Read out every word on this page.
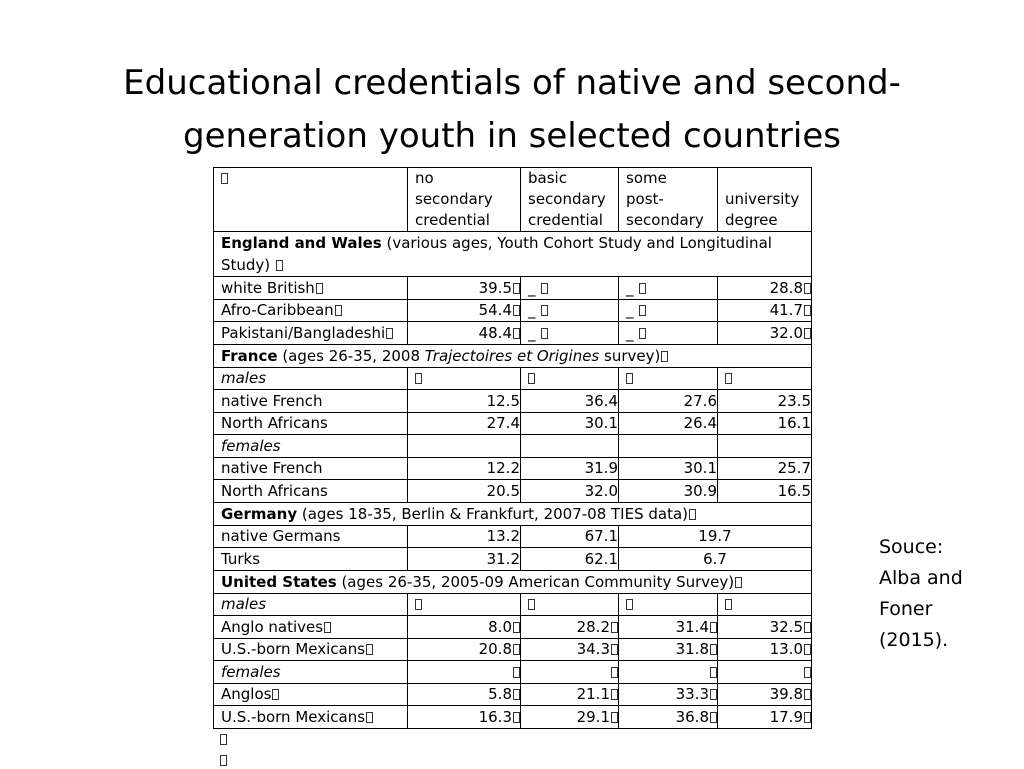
Educational credentials of native and second-
generation youth in selected countries
	no
secondary
credential	basic
secondary
credential	some
post-
secondary	university
degree
England and Wales (various ages, Youth Cohort Study and Longitudinal Study)				
white British	39.5	_	_	28.8
Afro-Caribbean	54.4	_	_	41.7
Pakistani/Bangladeshi	48.4	_	_	32.0
France (ages 26-35, 2008 Trajectoires et Origines survey)				
males				
native French	12.5	36.4	27.6	23.5
North Africans	27.4	30.1	26.4	16.1
females				
native French	12.2	31.9	30.1	25.7
North Africans	20.5	32.0	30.9	16.5
Germany (ages 18-35, Berlin & Frankfurt, 2007-08 TIES data)				
native Germans	13.2	67.1	19.7	
Turks	31.2	62.1	6.7	
United States (ages 26-35, 2005-09 American Community Survey)				
males				
Anglo natives	8.0	28.2	31.4	32.5
U.S.-born Mexicans	20.8	34.3	31.8	13.0
females				
Anglos	5.8	21.1	33.3	39.8
U.S.-born Mexicans	16.3	29.1	36.8	17.9
Souce: Alba and Foner (2015).
